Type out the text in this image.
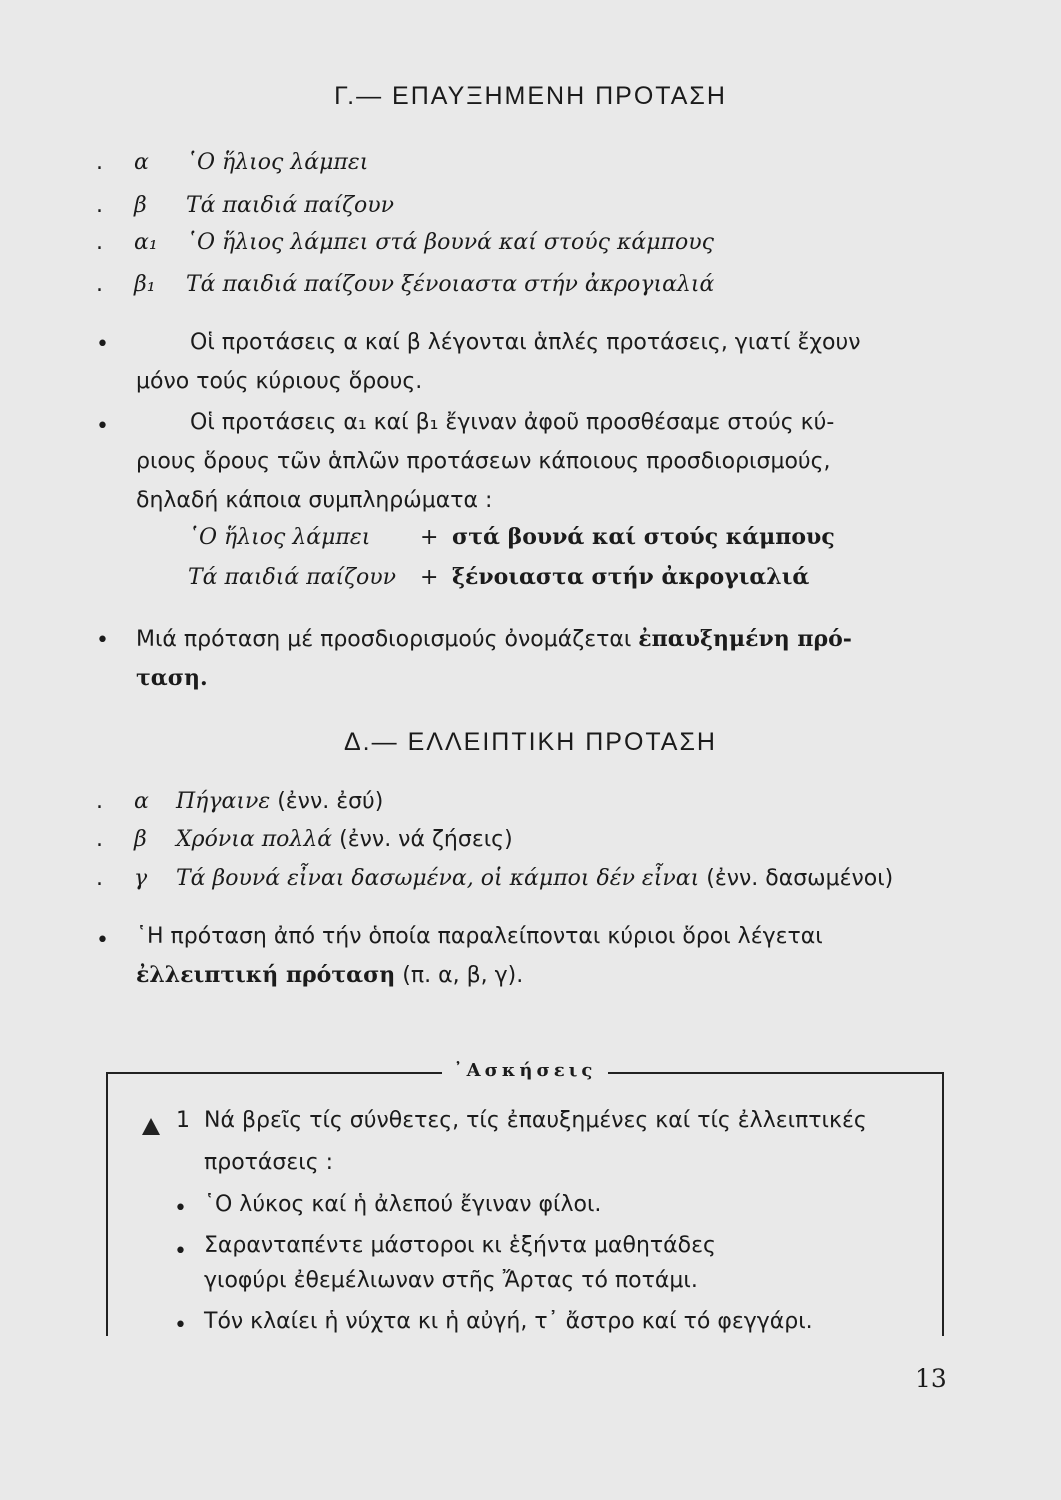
Γ.— ΕΠΑΥΞΗΜΕΝΗ ΠΡΟΤΑΣΗ
. α ῾Ο ἥλιος λάμπει
. β Τά παιδιά παίζουν
. α₁ ῾Ο ἥλιος λάμπει στά βουνά καί στούς κάμπους
. β₁ Τά παιδιά παίζουν ξένοιαστα στήν ἀκρογιαλιά
•	Οἱ προτάσεις α καί β λέγονται ἁπλές προτάσεις, γιατί ἔχουν
μόνο τούς κύριους ὅρους.
•	Οἱ προτάσεις α₁ καί β₁ ἔγιναν ἀφοῦ προσθέσαμε στούς κύ-
ριους ὅρους τῶν ἁπλῶν προτάσεων κάποιους προσδιορισμούς,
δηλαδή κάποια συμπληρώματα :
῾Ο ἥλιος λάμπει + στά βουνά καί στούς κάμπους
Τά παιδιά παίζουν + ξένοιαστα στήν ἀκρογιαλιά
• Μιά πρόταση μέ προσδιορισμούς ὀνομάζεται ἐπαυξημένη πρό-
ταση.
Δ.— ΕΛΛΕΙΠΤΙΚΗ ΠΡΟΤΑΣΗ
. α Πήγαινε (ἐνν. ἐσύ)
. β Χρόνια πολλά (ἐνν. νά ζήσεις)
. γ Τά βουνά εἶναι δασωμένα, οἱ κάμποι δέν εἶναι (ἐνν. δασωμένοι)
• ῾Η πρόταση ἀπό τήν ὁποία παραλείπονται κύριοι ὅροι λέγεται
ἐλλειπτική πρόταση (π. α, β, γ).
᾿Ασκήσεις
1 Νά βρεῖς τίς σύνθετες, τίς ἐπαυξημένες καί τίς ἐλλειπτικές
προτάσεις :
• ῾Ο λύκος καί ἡ ἀλεπού ἔγιναν φίλοι.
• Σαρανταπέντε μάστοροι κι ἑξήντα μαθητάδες
γιοφύρι ἐθεμέλιωναν στῆς Ἄρτας τό ποτάμι.
• Τόν κλαίει ἡ νύχτα κι ἡ αὐγή, τ᾿ ἄστρο καί τό φεγγάρι.
13
